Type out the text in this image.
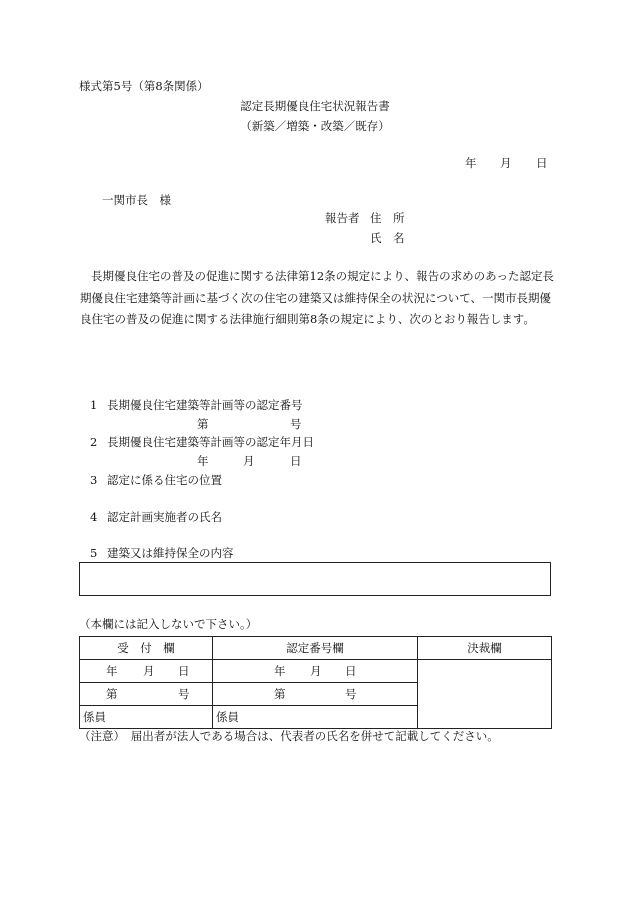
様式第5号（第8条関係）
認定長期優良住宅状況報告書
（新築／増築・改築／既存）
年 月 日
一関市長　様
報告者 住　所
氏　名
長期優良住宅の普及の促進に関する法律第12条の規定により、報告の求めのあった認定長期優良住宅建築等計画に基づく次の住宅の建築又は維持保全の状況について、一関市長期優良住宅の普及の促進に関する法律施行細則第8条の規定により、次のとおり報告します。
1 長期優良住宅建築等計画等の認定番号
第	号
2 長期優良住宅建築等計画等の認定年月日
年	月	日
3 認定に係る住宅の位置
4 認定計画実施者の氏名
5 建築又は維持保全の内容
（本欄には記入しないで下さい。）
受　付　欄	認定番号欄	決裁欄

年 月 日	年 月 日	

第 号	第 号	

係員	係員	
（注意）　届出者が法人である場合は、代表者の氏名を併せて記載してください。
